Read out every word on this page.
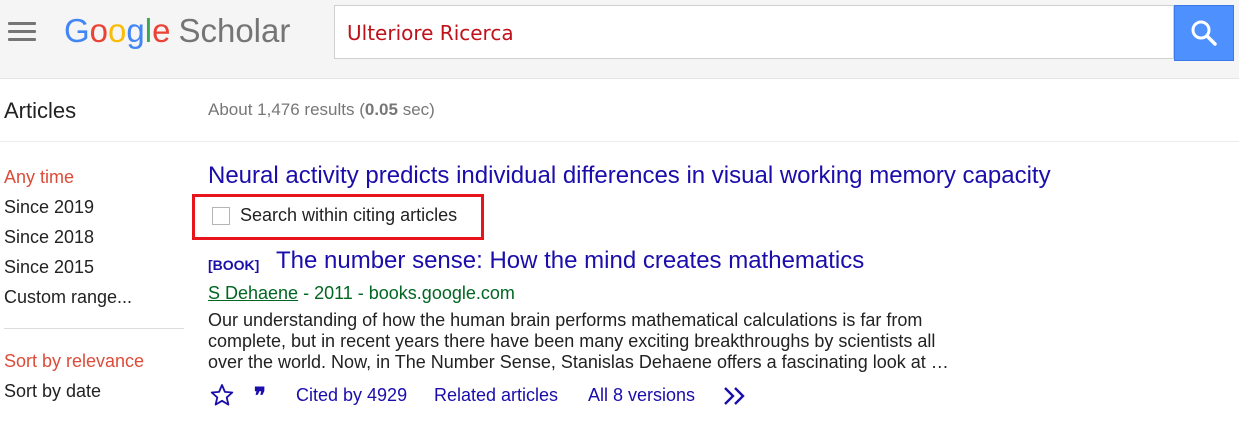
Google Scholar	Ulteriore Ricerca
Articles	About 1,476 results (0.05 sec)
Any time
Since 2019
Since 2018
Since 2015
Custom range...
Sort by relevance
Sort by date
Neural activity predicts individual differences in visual working memory capacity
Search within citing articles
[BOOK] The number sense: How the mind creates mathematics
S Dehaene - 2011 - books.google.com
Our understanding of how the human brain performs mathematical calculations is far from
complete, but in recent years there have been many exciting breakthroughs by scientists all
over the world. Now, in The Number Sense, Stanislas Dehaene offers a fascinating look at …
❞ Cited by 4929 Related articles All 8 versions
